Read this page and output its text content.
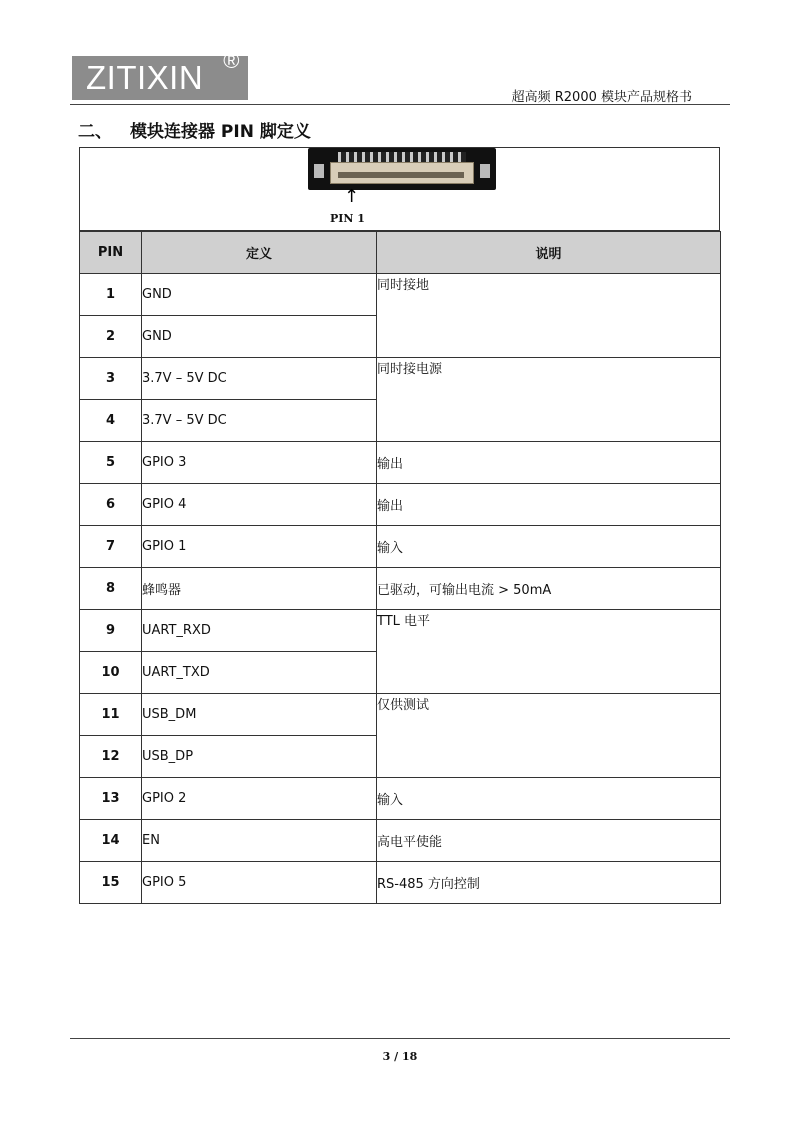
ZITIXIN ®
超高频 R2000 模块产品规格书
二、 模块连接器 PIN 脚定义
↑
PIN 1
PIN	定义	说明
1	GND	同时接地
2	GND	
3	3.7V – 5V DC	同时接电源
4	3.7V – 5V DC	
5	GPIO 3	输出
6	GPIO 4	输出
7	GPIO 1	输入
8	蜂鸣器	已驱动，可输出电流 > 50mA
9	UART_RXD	TTL 电平
10	UART_TXD	
11	USB_DM	仅供测试
12	USB_DP	
13	GPIO 2	输入
14	EN	高电平使能
15	GPIO 5	RS-485 方向控制
3 / 18
